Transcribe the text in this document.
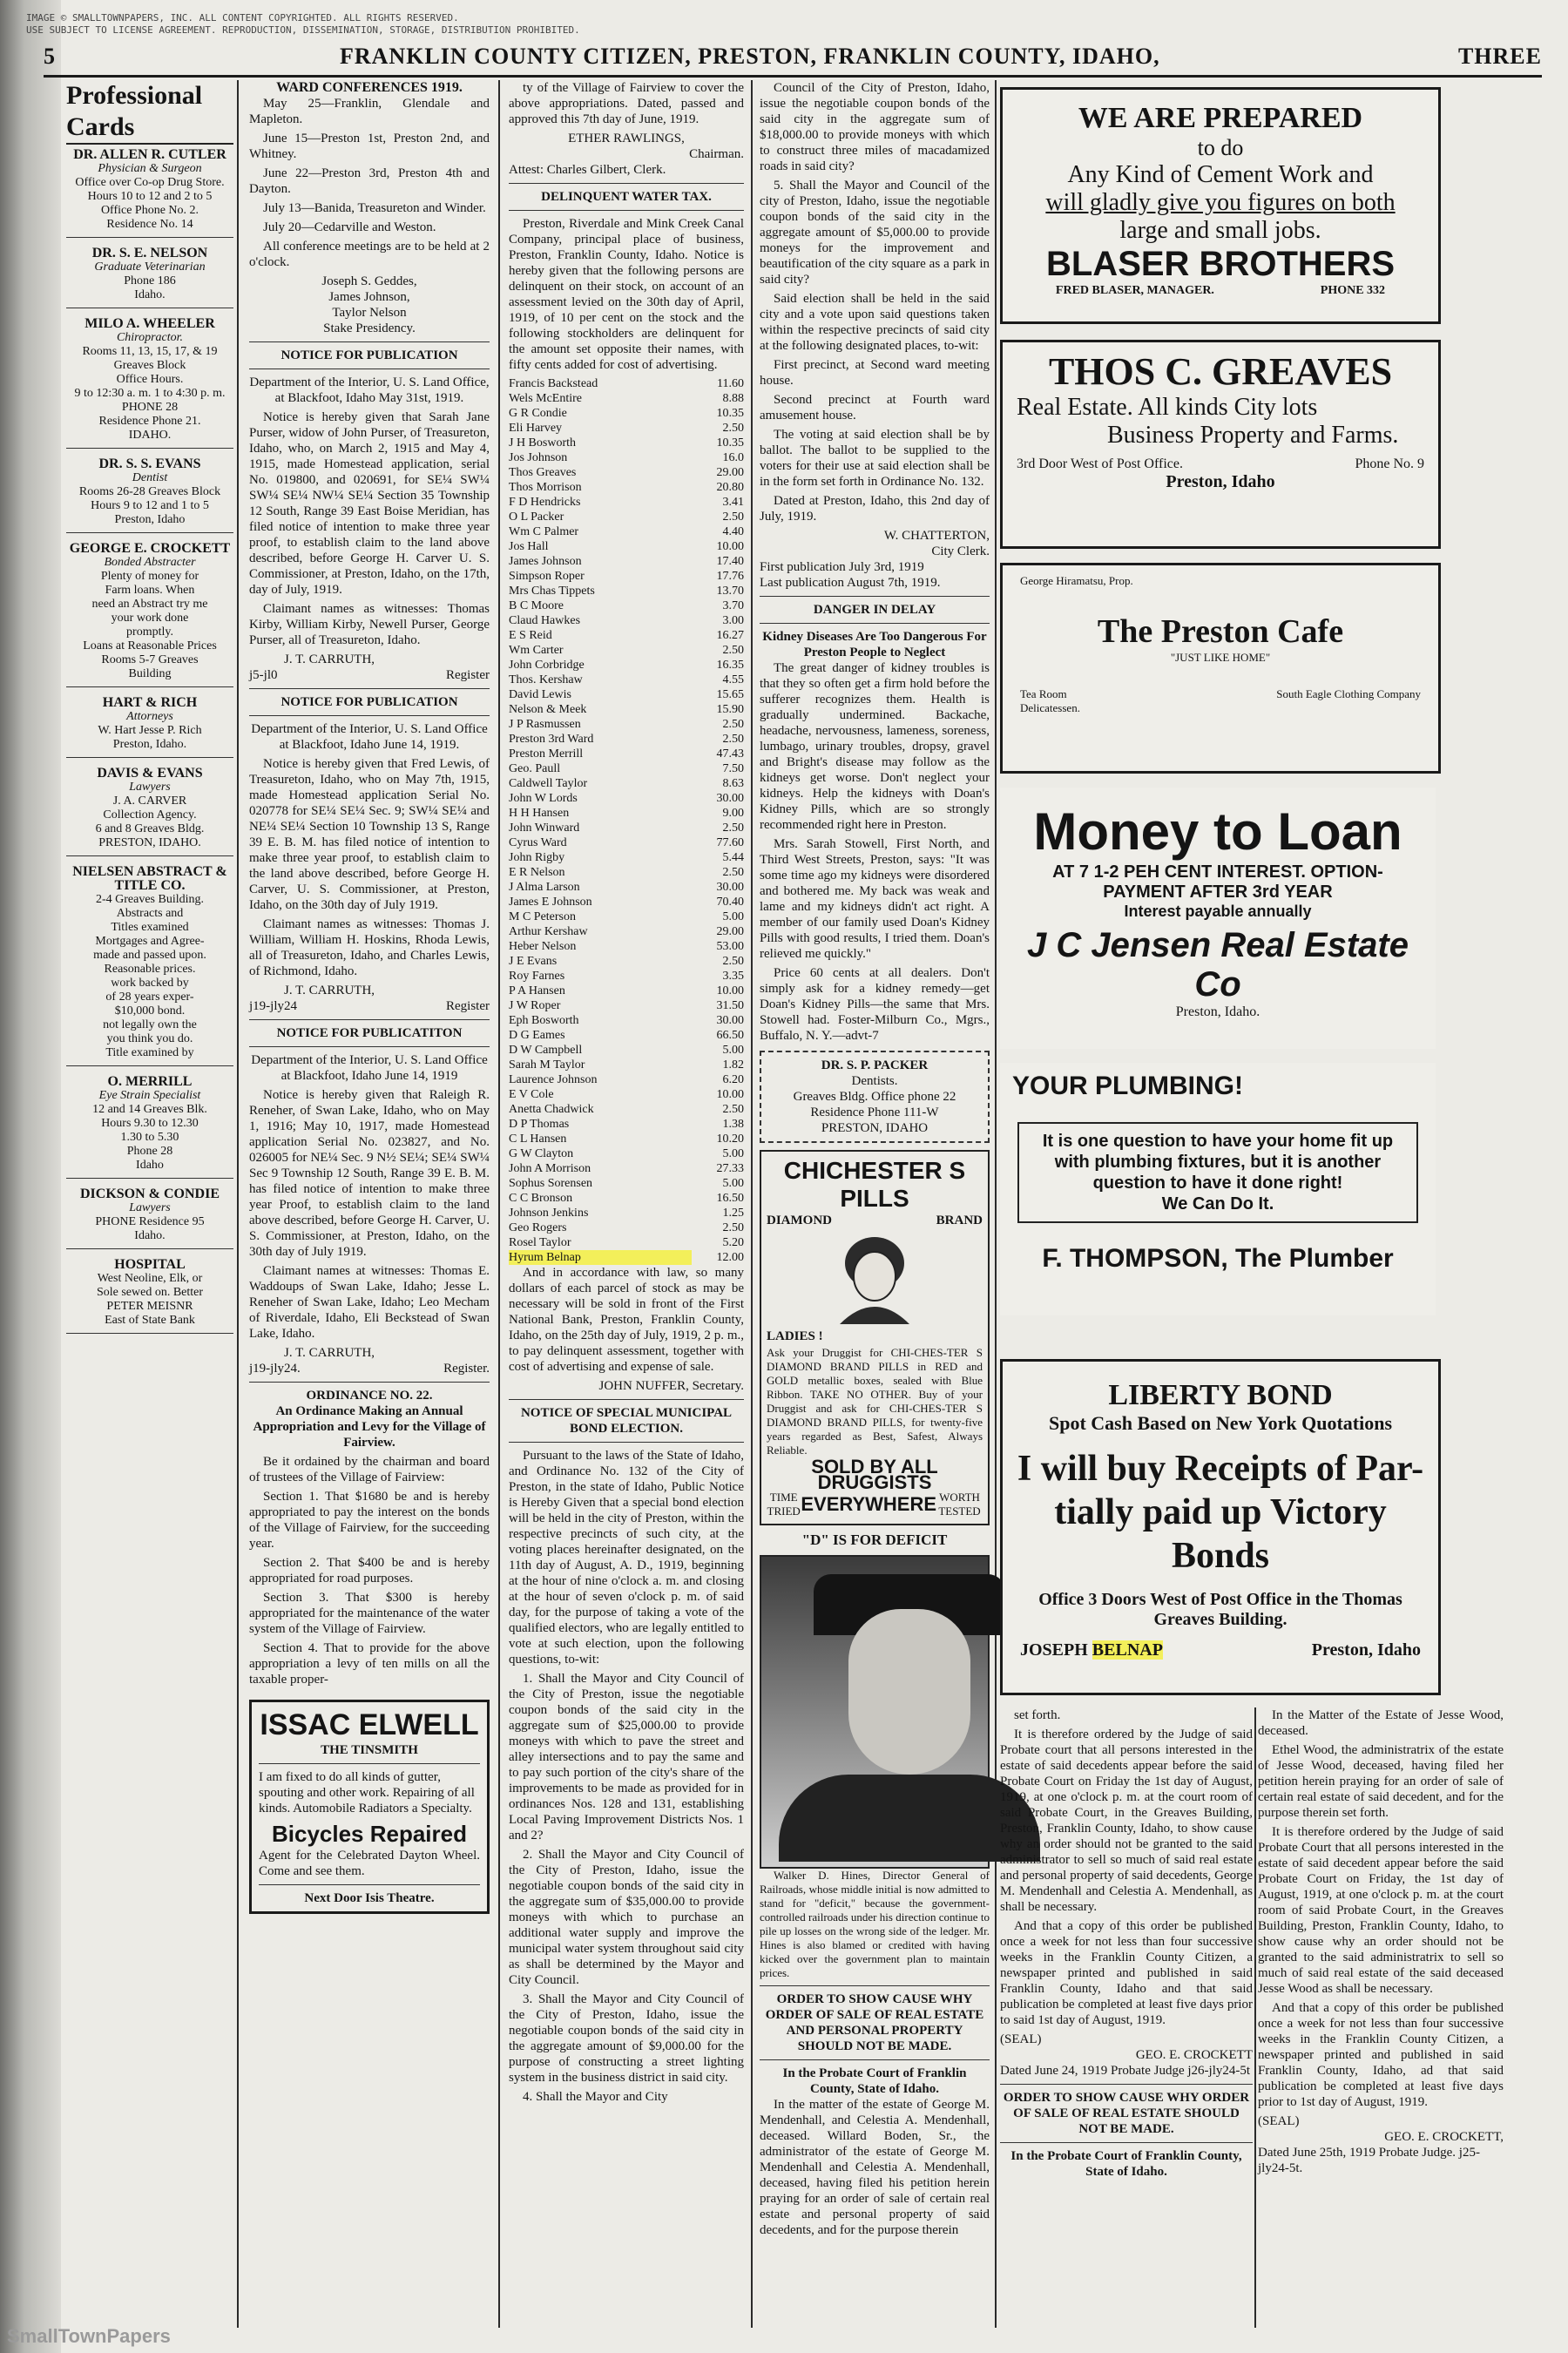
IMAGE © SMALLTOWNPAPERS, INC. ALL CONTENT COPYRIGHTED. ALL RIGHTS RESERVED.
USE SUBJECT TO LICENSE AGREEMENT. REPRODUCTION, DISSEMINATION, STORAGE, DISTRIBUTION PROHIBITED.
5	FRANKLIN COUNTY CITIZEN, PRESTON, FRANKLIN COUNTY, IDAHO,	THREE
Professional Cards
DR. ALLEN R. CUTLER
Physician & Surgeon
Office over Co-op Drug Store.
Hours 10 to 12 and 2 to 5
Office Phone No. 2.
Residence No. 14
DR. S. E. NELSON
Graduate Veterinarian
Phone 186
Idaho.
MILO A. WHEELER
Chiropractor.
Rooms 11, 13, 15, 17, & 19
Greaves Block
Office Hours.
9 to 12:30 a. m. 1 to 4:30 p. m.
PHONE 28
Residence Phone 21.
IDAHO.
DR. S. S. EVANS
Dentist
Rooms 26-28 Greaves Block
Hours 9 to 12 and 1 to 5
Preston, Idaho
GEORGE E. CROCKETT
Bonded Abstracter
Plenty of money for
Farm loans. When
need an Abstract try me
your work done
promptly.
Loans at Reasonable Prices
Rooms 5-7 Greaves
Building
HART & RICH
Attorneys
W. Hart Jesse P. Rich
Preston, Idaho.
DAVIS & EVANS
Lawyers
J. A. CARVER
Collection Agency.
6 and 8 Greaves Bldg.
PRESTON, IDAHO.
NIELSEN ABSTRACT & TITLE CO.
2-4 Greaves Building.
Abstracts and
Titles examined
Mortgages and Agree-
made and passed upon.
Reasonable prices.
work backed by
of 28 years exper-
$10,000 bond.
not legally own the
you think you do.
Title examined by
O. MERRILL
Eye Strain Specialist
12 and 14 Greaves Blk.
Hours 9.30 to 12.30
1.30 to 5.30
Phone 28
Idaho
DICKSON & CONDIE
Lawyers
PHONE Residence 95
Idaho.
HOSPITAL
West Neoline, Elk, or
Sole sewed on. Better
PETER MEISNR
East of State Bank
WARD CONFERENCES 1919.

May 25—Franklin, Glendale and Mapleton.

June 15—Preston 1st, Preston 2nd, and Whitney.

June 22—Preston 3rd, Preston 4th and Dayton.

July 13—Banida, Treasureton and Winder.

July 20—Cedarville and Weston.

All conference meetings are to be held at 2 o'clock.

Joseph S. Geddes,
James Johnson,
Taylor Nelson
Stake Presidency.
NOTICE FOR PUBLICATION

Department of the Interior, U. S. Land Office, at Blackfoot, Idaho May 31st, 1919.

Notice is hereby given that Sarah Jane Purser, widow of John Purser, of Treasureton, Idaho, who, on March 2, 1915 and May 4, 1915, made Homestead application, serial No. 019800, and 020691, for SE¼ SW¼ SW¼ SE¼ NW¼ SE¼ Section 35 Township 12 South, Range 39 East Boise Meridian, has filed notice of intention to make three year proof, to establish claim to the land above described, before George H. Carver U. S. Commissioner, at Preston, Idaho, on the 17th, day of July, 1919.

Claimant names as witnesses: Thomas Kirby, William Kirby, Newell Purser, George Purser, all of Treasureton, Idaho.

J. T. CARRUTH,
j5-jl0	Register
NOTICE FOR PUBLICATION

Department of the Interior, U. S. Land Office at Blackfoot, Idaho June 14, 1919.

Notice is hereby given that Fred Lewis, of Treasureton, Idaho, who on May 7th, 1915, made Homestead application Serial No. 020778 for SE¼ SE¼ Sec. 9; SW¼ SE¼ and NE¼ SE¼ Section 10 Township 13 S, Range 39 E. B. M. has filed notice of intention to make three year proof, to establish claim to the land above described, before George H. Carver, U. S. Commissioner, at Preston, Idaho, on the 30th day of July 1919.

Claimant names as witnesses: Thomas J. William, William H. Hoskins, Rhoda Lewis, all of Treasureton, Idaho, and Charles Lewis, of Richmond, Idaho.

J. T. CARRUTH,
j19-jly24	Register
NOTICE FOR PUBLICATITON

Department of the Interior, U. S. Land Office at Blackfoot, Idaho June 14, 1919

Notice is hereby given that Raleigh R. Reneher, of Swan Lake, Idaho, who on May 1, 1916; May 10, 1917, made Homestead application Serial No. 023827, and No. 026005 for NE¼ Sec. 9 N½ SE¼; SE¼ SW¼ Sec 9 Township 12 South, Range 39 E. B. M. has filed notice of intention to make three year Proof, to establish claim to the land above described, before George H. Carver, U. S. Commissioner, at Preston, Idaho, on the 30th day of July 1919.

Claimant names at witnesses: Thomas E. Waddoups of Swan Lake, Idaho; Jesse L. Reneher of Swan Lake, Idaho; Leo Mecham of Riverdale, Idaho, Eli Beckstead of Swan Lake, Idaho.

J. T. CARRUTH,
j19-jly24.	Register.
ORDINANCE NO. 22.

An Ordinance Making an Annual Appropriation and Levy for the Village of Fairview.

Be it ordained by the chairman and board of trustees of the Village of Fairview:

Section 1. That $1680 be and is hereby appropriated to pay the interest on the bonds of the Village of Fairview, for the succeeding year.

Section 2. That $400 be and is hereby appropriated for road purposes.

Section 3. That $300 is hereby appropriated for the maintenance of the water system of the Village of Fairview.

Section 4. That to provide for the above appropriation a levy of ten mills on all the taxable proper-

ISSAC ELWELL
THE TINSMITH

I am fixed to do all kinds of gutter, spouting and other work. Repairing of all kinds. Automobile Radiators a Specialty.

Bicycles Repaired

Agent for the Celebrated Dayton Wheel. Come and see them.

Next Door Isis Theatre.

ty of the Village of Fairview to cover the above appropriations. Dated, passed and approved this 7th day of June, 1919.

ETHER RAWLINGS,
Chairman.
Attest: Charles Gilbert, Clerk.
DELINQUENT WATER TAX.

Preston, Riverdale and Mink Creek Canal Company, principal place of business, Preston, Franklin County, Idaho. Notice is hereby given that the following persons are delinquent on their stock, on account of an assessment levied on the 30th day of April, 1919, of 10 per cent on the stock and the following stockholders are delinquent for the amount set opposite their names, with fifty cents added for cost of advertising.

Francis Backstead	11.60
Wels McEntire	8.88
G R Condie	10.35
Eli Harvey	2.50
J H Bosworth	10.35
Jos Johnson	16.0
Thos Greaves	29.00
Thos Morrison	20.80
F D Hendricks	3.41
O L Packer	2.50
Wm C Palmer	4.40
Jos Hall	10.00
James Johnson	17.40
Simpson Roper	17.76
Mrs Chas Tippets	13.70
B C Moore	3.70
Claud Hawkes	3.00
E S Reid	16.27
Wm Carter	2.50
John Corbridge	16.35
Thos. Kershaw	4.55
David Lewis	15.65
Nelson & Meek	15.90
J P Rasmussen	2.50
Preston 3rd Ward	2.50
Preston Merrill	47.43
Geo. Paull	7.50
Caldwell Taylor	8.63
John W Lords	30.00
H H Hansen	9.00
John Winward	2.50
Cyrus Ward	77.60
John Rigby	5.44
E R Nelson	2.50
J Alma Larson	30.00
James E Johnson	70.40
M C Peterson	5.00
Arthur Kershaw	29.00
Heber Nelson	53.00
J E Evans	2.50
Roy Farnes	3.35
P A Hansen	10.00
J W Roper	31.50
Eph Bosworth	30.00
D G Eames	66.50
D W Campbell	5.00
Sarah M Taylor	1.82
Laurence Johnson	6.20
E V Cole	10.00
Anetta Chadwick	2.50
D P Thomas	1.38
C L Hansen	10.20
G W Clayton	5.00
John A Morrison	27.33
Sophus Sorensen	5.00
C C Bronson	16.50
Johnson Jenkins	1.25
Geo Rogers	2.50
Rosel Taylor	5.20
Hyrum Belnap	12.00

And in accordance with law, so many dollars of each parcel of stock as may be necessary will be sold in front of the First National Bank, Preston, Franklin County, Idaho, on the 25th day of July, 1919, 2 p. m., to pay delinquent assessment, together with cost of advertising and expense of sale.

JOHN NUFFER, Secretary.
NOTICE OF SPECIAL MUNICIPAL BOND ELECTION.

Pursuant to the laws of the State of Idaho, and Ordinance No. 132 of the City of Preston, in the state of Idaho, Public Notice is Hereby Given that a special bond election will be held in the city of Preston, within the respective precincts of such city, at the voting places hereinafter designated, on the 11th day of August, A. D., 1919, beginning at the hour of nine o'clock a. m. and closing at the hour of seven o'clock p. m. of said day, for the purpose of taking a vote of the qualified electors, who are legally entitled to vote at such election, upon the following questions, to-wit:

1. Shall the Mayor and City Council of the City of Preston, issue the negotiable coupon bonds of the said city in the aggregate sum of $25,000.00 to provide moneys with which to pave the street and alley intersections and to pay the same and to pay such portion of the city's share of the improvements to be made as provided for in ordinances Nos. 128 and 131, establishing Local Paving Improvement Districts Nos. 1 and 2?

2. Shall the Mayor and City Council of the City of Preston, Idaho, issue the negotiable coupon bonds of the said city in the aggregate sum of $35,000.00 to provide moneys with which to purchase an additional water supply and improve the municipal water system throughout said city as shall be determined by the Mayor and City Council.

3. Shall the Mayor and City Council of the City of Preston, Idaho, issue the negotiable coupon bonds of the said city in the aggregate amount of $9,000.00 for the purpose of constructing a street lighting system in the business district in said city.

4. Shall the Mayor and City

Council of the City of Preston, Idaho, issue the negotiable coupon bonds of the said city in the aggregate sum of $18,000.00 to provide moneys with which to construct three miles of macadamized roads in said city?

5. Shall the Mayor and Council of the city of Preston, Idaho, issue the negotiable coupon bonds of the said city in the aggregate amount of $5,000.00 to provide moneys for the improvement and beautification of the city square as a park in said city?

Said election shall be held in the said city and a vote upon said questions taken within the respective precincts of said city at the following designated places, to-wit:

First precinct, at Second ward meeting house.

Second precinct at Fourth ward amusement house.

The voting at said election shall be by ballot. The ballot to be supplied to the voters for their use at said election shall be in the form set forth in Ordinance No. 132.

Dated at Preston, Idaho, this 2nd day of July, 1919.

W. CHATTERTON,
City Clerk.
First publication July 3rd, 1919
Last publication August 7th, 1919.
DANGER IN DELAY
Kidney Diseases Are Too Dangerous For Preston People to Neglect

The great danger of kidney troubles is that they so often get a firm hold before the sufferer recognizes them. Health is gradually undermined. Backache, headache, nervousness, lameness, soreness, lumbago, urinary troubles, dropsy, gravel and Bright's disease may follow as the kidneys get worse. Don't neglect your kidneys. Help the kidneys with Doan's Kidney Pills, which are so strongly recommended right here in Preston.

Mrs. Sarah Stowell, First North, and Third West Streets, Preston, says: "It was some time ago my kidneys were disordered and bothered me. My back was weak and lame and my kidneys didn't act right. A member of our family used Doan's Kidney Pills with good results, I tried them. Doan's relieved me quickly."

Price 60 cents at all dealers. Don't simply ask for a kidney remedy—get Doan's Kidney Pills—the same that Mrs. Stowell had. Foster-Milburn Co., Mgrs., Buffalo, N. Y.—advt-7

DR. S. P. PACKER
Dentists.
Greaves Bldg. Office phone 22
Residence Phone 111-W
PRESTON, IDAHO
CHICHESTER S PILLS
DIAMOND	BRAND
LADIES !

Ask your Druggist for CHI-CHES-TER S DIAMOND BRAND PILLS in RED and GOLD metallic boxes, sealed with Blue Ribbon. TAKE NO OTHER. Buy of your Druggist and ask for CHI-CHES-TER S DIAMOND BRAND PILLS, for twenty-five years regarded as Best, Safest, Always Reliable.

SOLD BY ALL DRUGGISTS
TIME TRIED EVERYWHERE WORTH TESTED
"D" IS FOR DEFICIT

Walker D. Hines, Director General of Railroads, whose middle initial is now admitted to stand for "deficit," because the government-controlled railroads under his direction continue to pile up losses on the wrong side of the ledger. Mr. Hines is also blamed or credited with having kicked over the government plan to maintain prices.

ORDER TO SHOW CAUSE WHY ORDER OF SALE OF REAL ESTATE AND PERSONAL PROPERTY SHOULD NOT BE MADE.
In the Probate Court of Franklin County, State of Idaho.

In the matter of the estate of George M. Mendenhall, and Celestia A. Mendenhall, deceased. Willard Boden, Sr., the administrator of the estate of George M. Mendenhall and Celestia A. Mendenhall, deceased, having filed his petition herein praying for an order of sale of certain real estate and personal property of said decedents, and for the purpose therein

set forth.

It is therefore ordered by the Judge of said Probate court that all persons interested in the estate of said decedents appear before the said Probate Court on Friday the 1st day of August, 1919, at one o'clock p. m. at the court room of said Probate Court, in the Greaves Building, Preston, Franklin County, Idaho, to show cause why an order should not be granted to the said administrator to sell so much of said real estate and personal property of said decedents, George M. Mendenhall and Celestia A. Mendenhall, as shall be necessary.

And that a copy of this order be published once a week for not less than four successive weeks in the Franklin County Citizen, a newspaper printed and published in said Franklin County, Idaho and that said publication be completed at least five days prior to said 1st day of August, 1919.

(SEAL)
GEO. E. CROCKETT
Dated June 24, 1919 Probate Judge j26-jly24-5t
ORDER TO SHOW CAUSE WHY ORDER OF SALE OF REAL ESTATE SHOULD NOT BE MADE.
In the Probate Court of Franklin County, State of Idaho.

In the Matter of the Estate of Jesse Wood, deceased.

Ethel Wood, the administratrix of the estate of Jesse Wood, deceased, having filed her petition herein praying for an order of sale of certain real estate of said decedent, and for the purpose therein set forth.

It is therefore ordered by the Judge of said Probate Court that all persons interested in the estate of said decedent appear before the said Probate Court on Friday, the 1st day of August, 1919, at one o'clock p. m. at the court room of said Probate Court, in the Greaves Building, Preston, Franklin County, Idaho, to show cause why an order should not be granted to the said administratrix to sell so much of said real estate of the said deceased Jesse Wood as shall be necessary.

And that a copy of this order be published once a week for not less than four successive weeks in the Franklin County Citizen, a newspaper printed and published in said Franklin County, Idaho, ad that said publication be completed at least five days prior to 1st day of August, 1919.

(SEAL)
GEO. E. CROCKETT,
Dated June 25th, 1919 Probate Judge. j25-jly24-5t.
WE ARE PREPARED
to do
Any Kind of Cement Work and
will gladly give you figures on both
large and small jobs.
BLASER BROTHERS
FRED BLASER, MANAGER.	PHONE 332
THOS C. GREAVES
Real Estate. All kinds City lots
Business Property and Farms.
3rd Door West of Post Office.	Phone No. 9
Preston, Idaho
George Hiramatsu, Prop.
The Preston Cafe
"JUST LIKE HOME"
Tea Room
Delicatessen.
South Eagle Clothing Company
Money to Loan
AT 7 1-2 PEH CENT INTEREST. OPTION-
PAYMENT AFTER 3rd YEAR
Interest payable annually
J C Jensen Real Estate Co
Preston, Idaho.
YOUR PLUMBING!
It is one question to have your home fit up
with plumbing fixtures, but it is another
question to have it done right!
We Can Do It.
F. THOMPSON, The Plumber
LIBERTY BOND
Spot Cash Based on New York Quotations
I will buy Receipts of Par-
tially paid up Victory Bonds
Office 3 Doors West of Post Office in the Thomas
Greaves Building.
JOSEPH BELNAP	Preston, Idaho
SmallTownPapers
